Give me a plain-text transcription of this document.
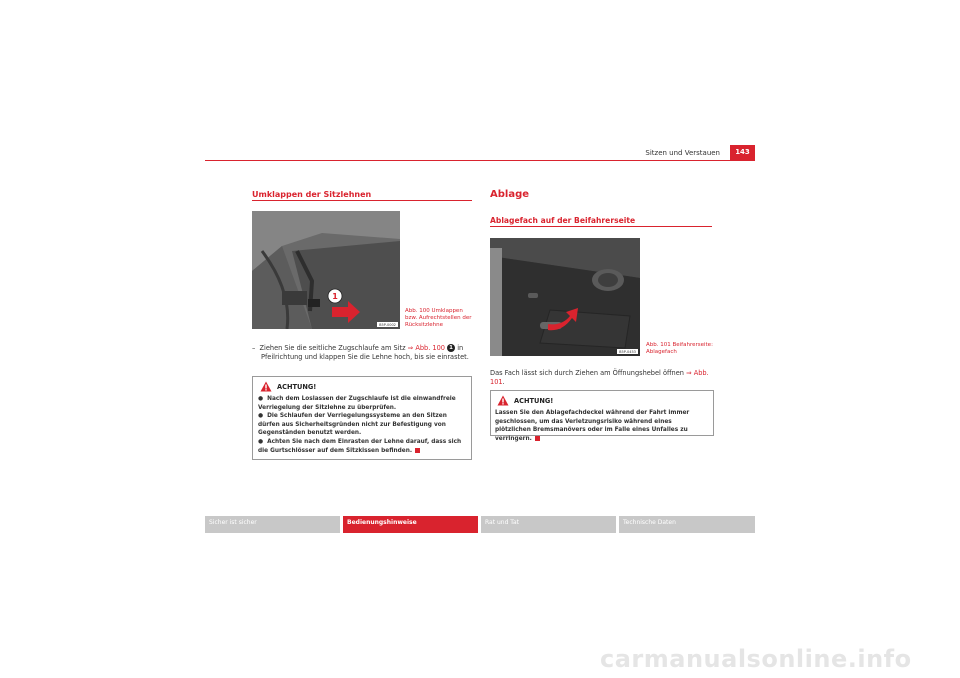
Sitzen und Verstauen	143
Umklappen der Sitzlehnen
1
B5P-0002
Abb. 100 Umklappen bzw. Aufrechtstellen der Rücksitzlehne
– Ziehen Sie die seitliche Zugschlaufe am Sitz ⇒ Abb. 100 1 in
Pfeilrichtung und klappen Sie die Lehne hoch, bis sie einrastet.
ACHTUNG!
● Nach dem Loslassen der Zugschlaufe ist die einwandfreie Verriegelung der Sitzlehne zu überprüfen.
● Die Schlaufen der Verriegelungssysteme an den Sitzen dürfen aus Sicherheitsgründen nicht zur Befestigung von Gegenständen benutzt werden.
● Achten Sie nach dem Einrasten der Lehne darauf, dass sich die Gurtschlösser auf dem Sitzkissen befinden.
Ablage
Ablagefach auf der Beifahrerseite
B5P-0453
Abb. 101 Beifahrerseite: Ablagefach
Das Fach lässt sich durch Ziehen am Öffnungshebel öffnen ⇒ Abb. 101.
ACHTUNG!
Lassen Sie den Ablagefachdeckel während der Fahrt immer geschlossen, um das Verletzungsrisiko während eines plötzlichen Bremsmanövers oder im Falle eines Unfalles zu verringern.
Sicher ist sicher	Bedienungshinweise	Rat und Tat	Technische Daten
carmanualsonline.info
